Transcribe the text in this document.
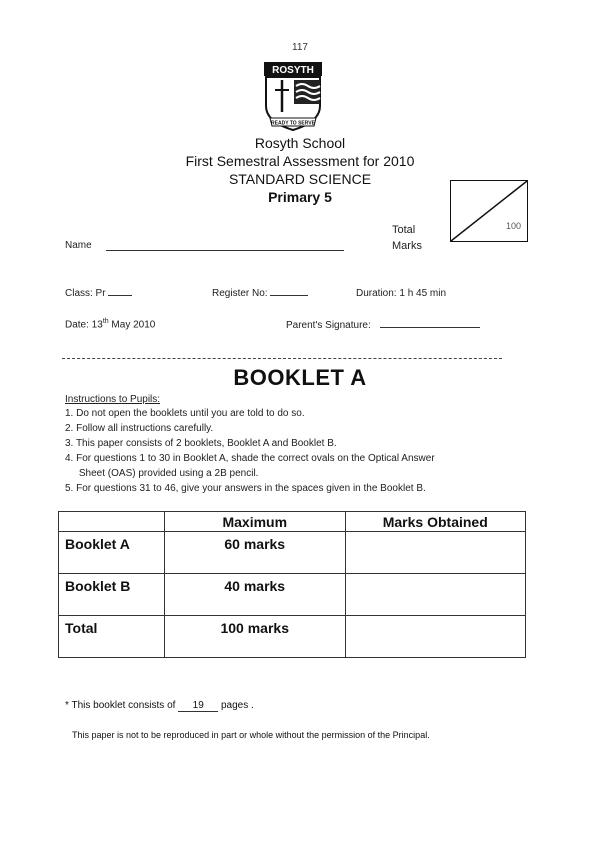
117
ROSYTH
READY TO SERVE
Rosyth School
First Semestral Assessment for 2010
STANDARD SCIENCE
Primary 5
Total
Marks
100
Name
Class: Pr	Register No:	Duration: 1 h 45 min
Date: 13th May 2010	Parent's Signature:
BOOKLET A
Instructions to Pupils:
1. Do not open the booklets until you are told to do so.
2. Follow all instructions carefully.
3. This paper consists of 2 booklets, Booklet A and Booklet B.
4. For questions 1 to 30 in Booklet A, shade the correct ovals on the Optical Answer
Sheet (OAS) provided using a 2B pencil.
5. For questions 31 to 46, give your answers in the spaces given in the Booklet B.
	Maximum	Marks Obtained
Booklet A	60 marks	
Booklet B	40 marks	
Total	100 marks	
* This booklet consists of 19 pages .
This paper is not to be reproduced in part or whole without the permission of the Principal.
